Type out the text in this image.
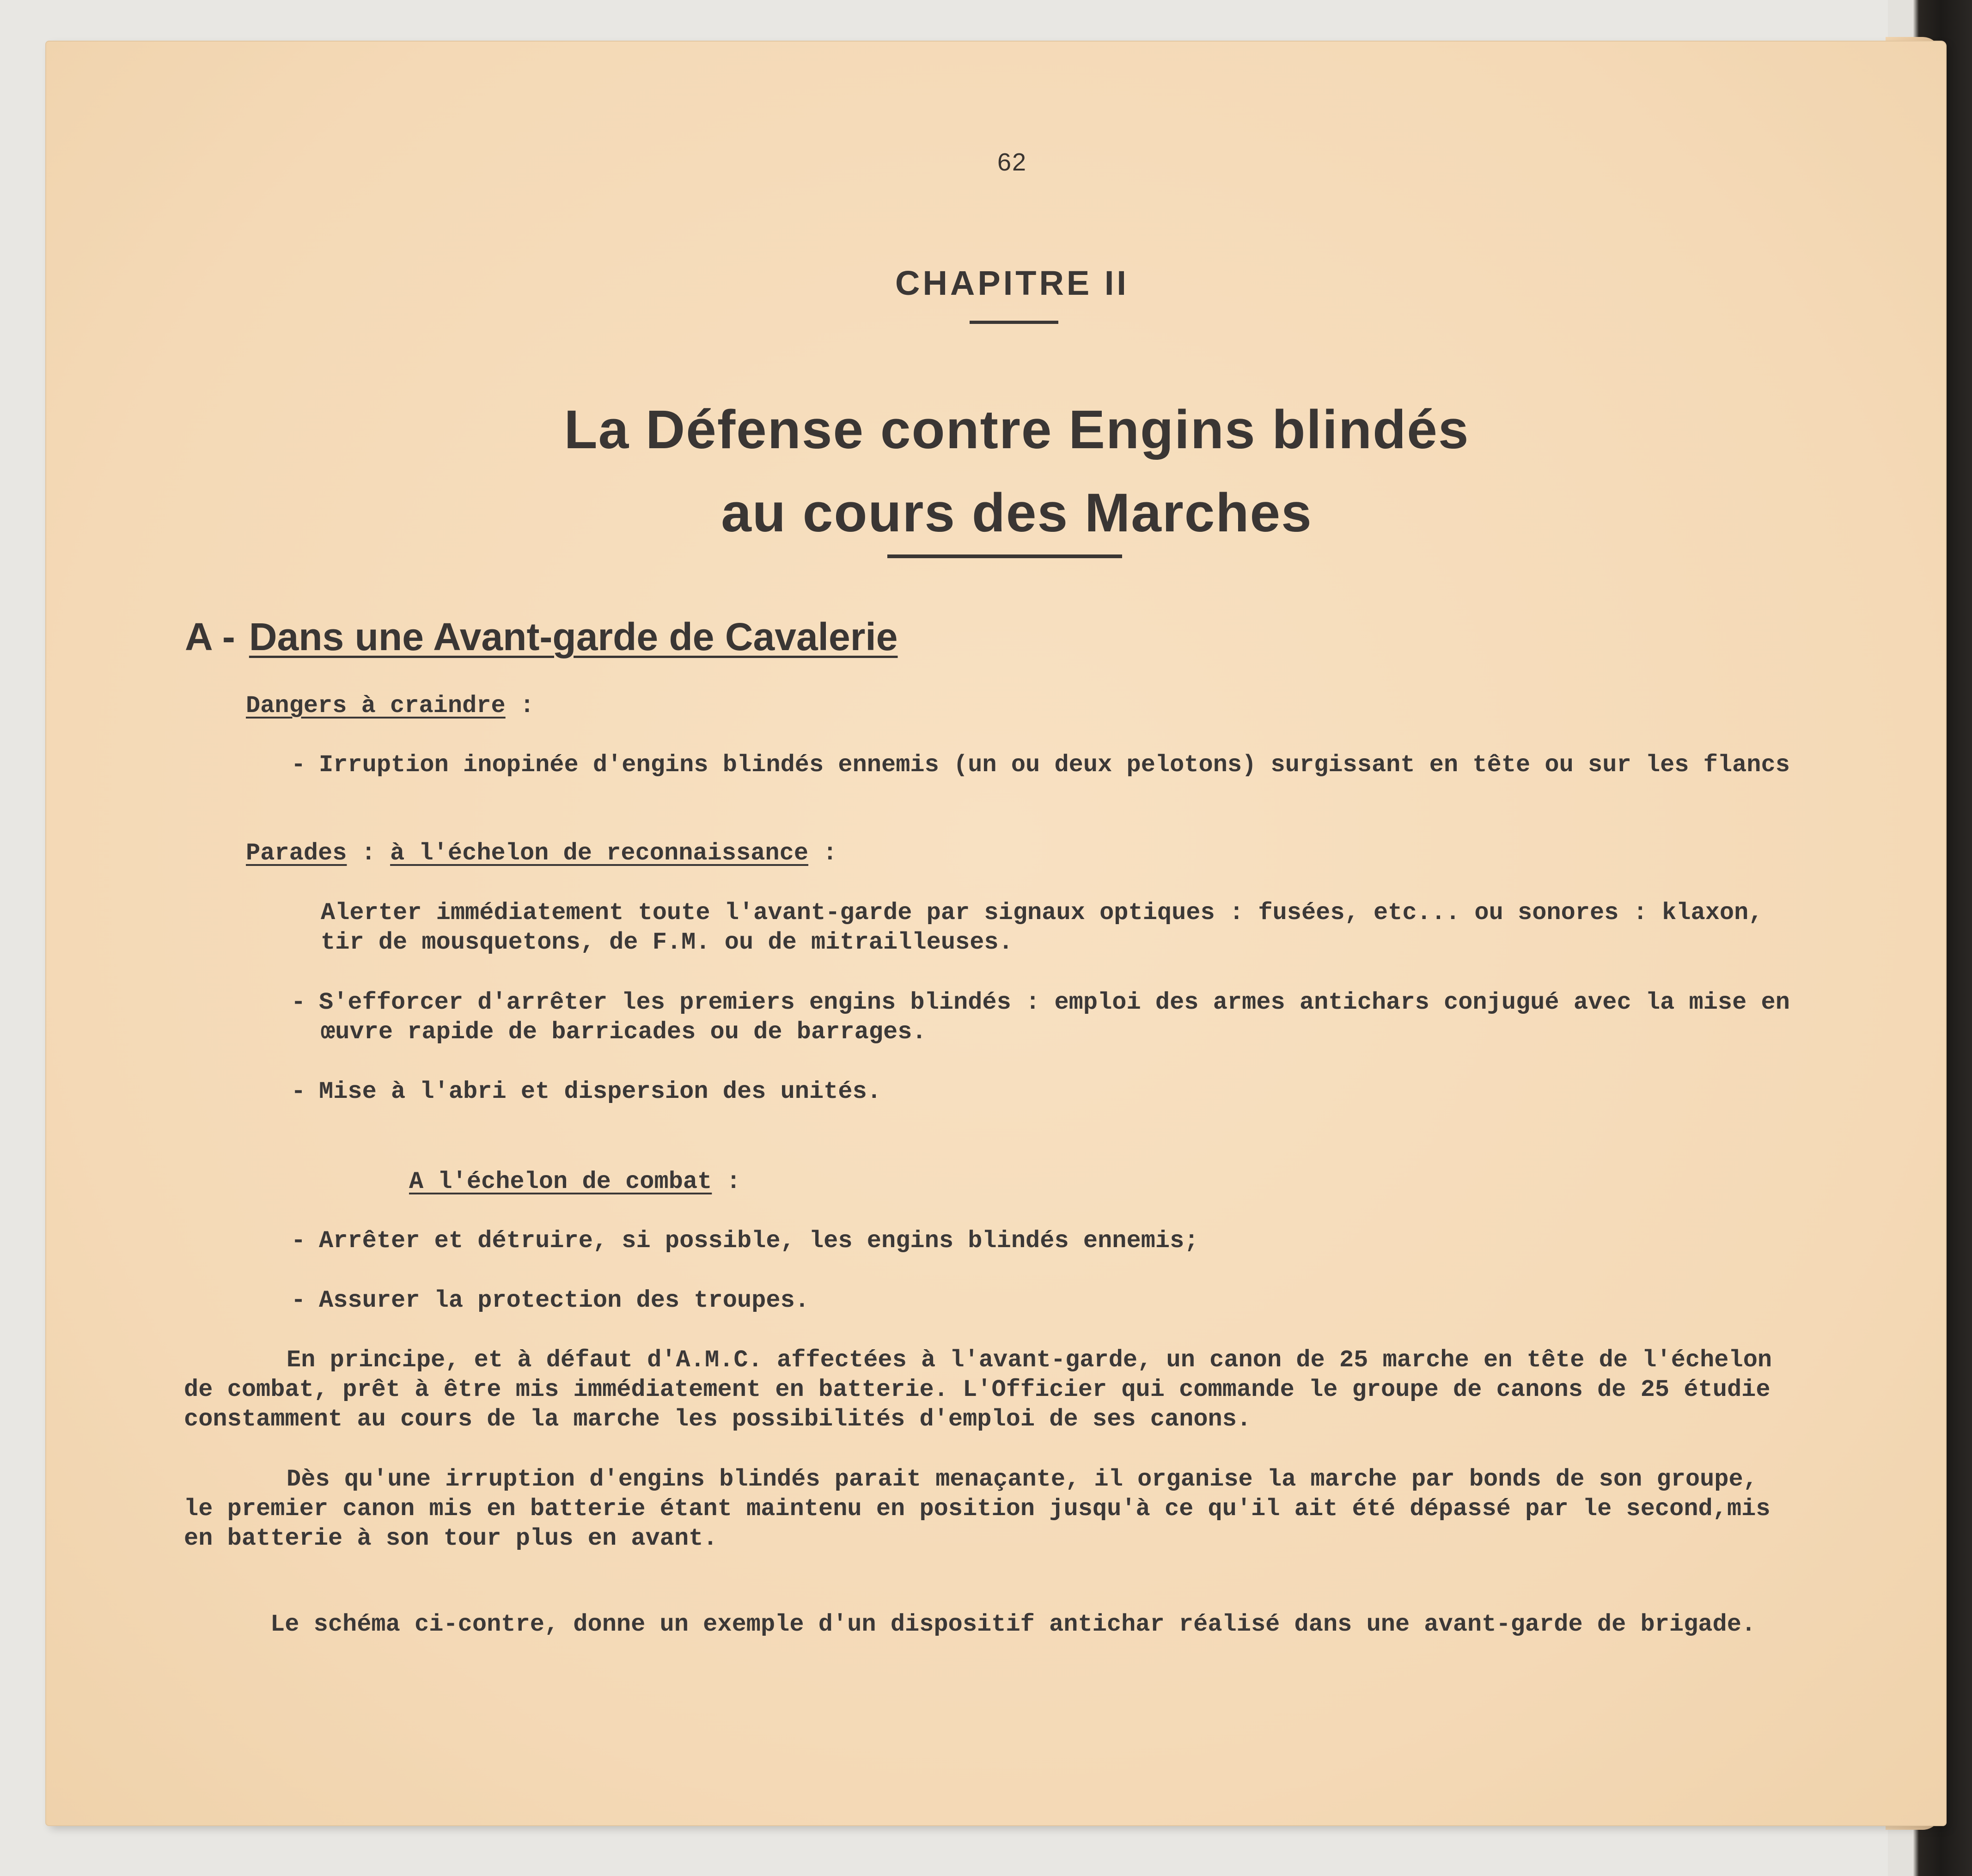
62
CHAPITRE II
La Défense contre Engins blindés
au cours des Marches
A - Dans une Avant-garde de Cavalerie
Dangers à craindre :
- Irruption inopinée d'engins blindés ennemis (un ou deux pelotons) surgissant en tête ou sur les flancs
Parades : à l'échelon de reconnaissance :
Alerter immédiatement toute l'avant-garde par signaux optiques : fusées, etc... ou sonores : klaxon,
tir de mousquetons, de F.M. ou de mitrailleuses.
- S'efforcer d'arrêter les premiers engins blindés : emploi des armes antichars conjugué avec la mise en
œuvre rapide de barricades ou de barrages.
- Mise à l'abri et dispersion des unités.
A l'échelon de combat :
- Arrêter et détruire, si possible, les engins blindés ennemis;
- Assurer la protection des troupes.
En principe, et à défaut d'A.M.C. affectées à l'avant-garde, un canon de 25 marche en tête de l'échelon
de combat, prêt à être mis immédiatement en batterie. L'Officier qui commande le groupe de canons de 25 étudie
constamment au cours de la marche les possibilités d'emploi de ses canons.
Dès qu'une irruption d'engins blindés parait menaçante, il organise la marche par bonds de son groupe,
le premier canon mis en batterie étant maintenu en position jusqu'à ce qu'il ait été dépassé par le second,mis
en batterie à son tour plus en avant.
Le schéma ci-contre, donne un exemple d'un dispositif antichar réalisé dans une avant-garde de brigade.
